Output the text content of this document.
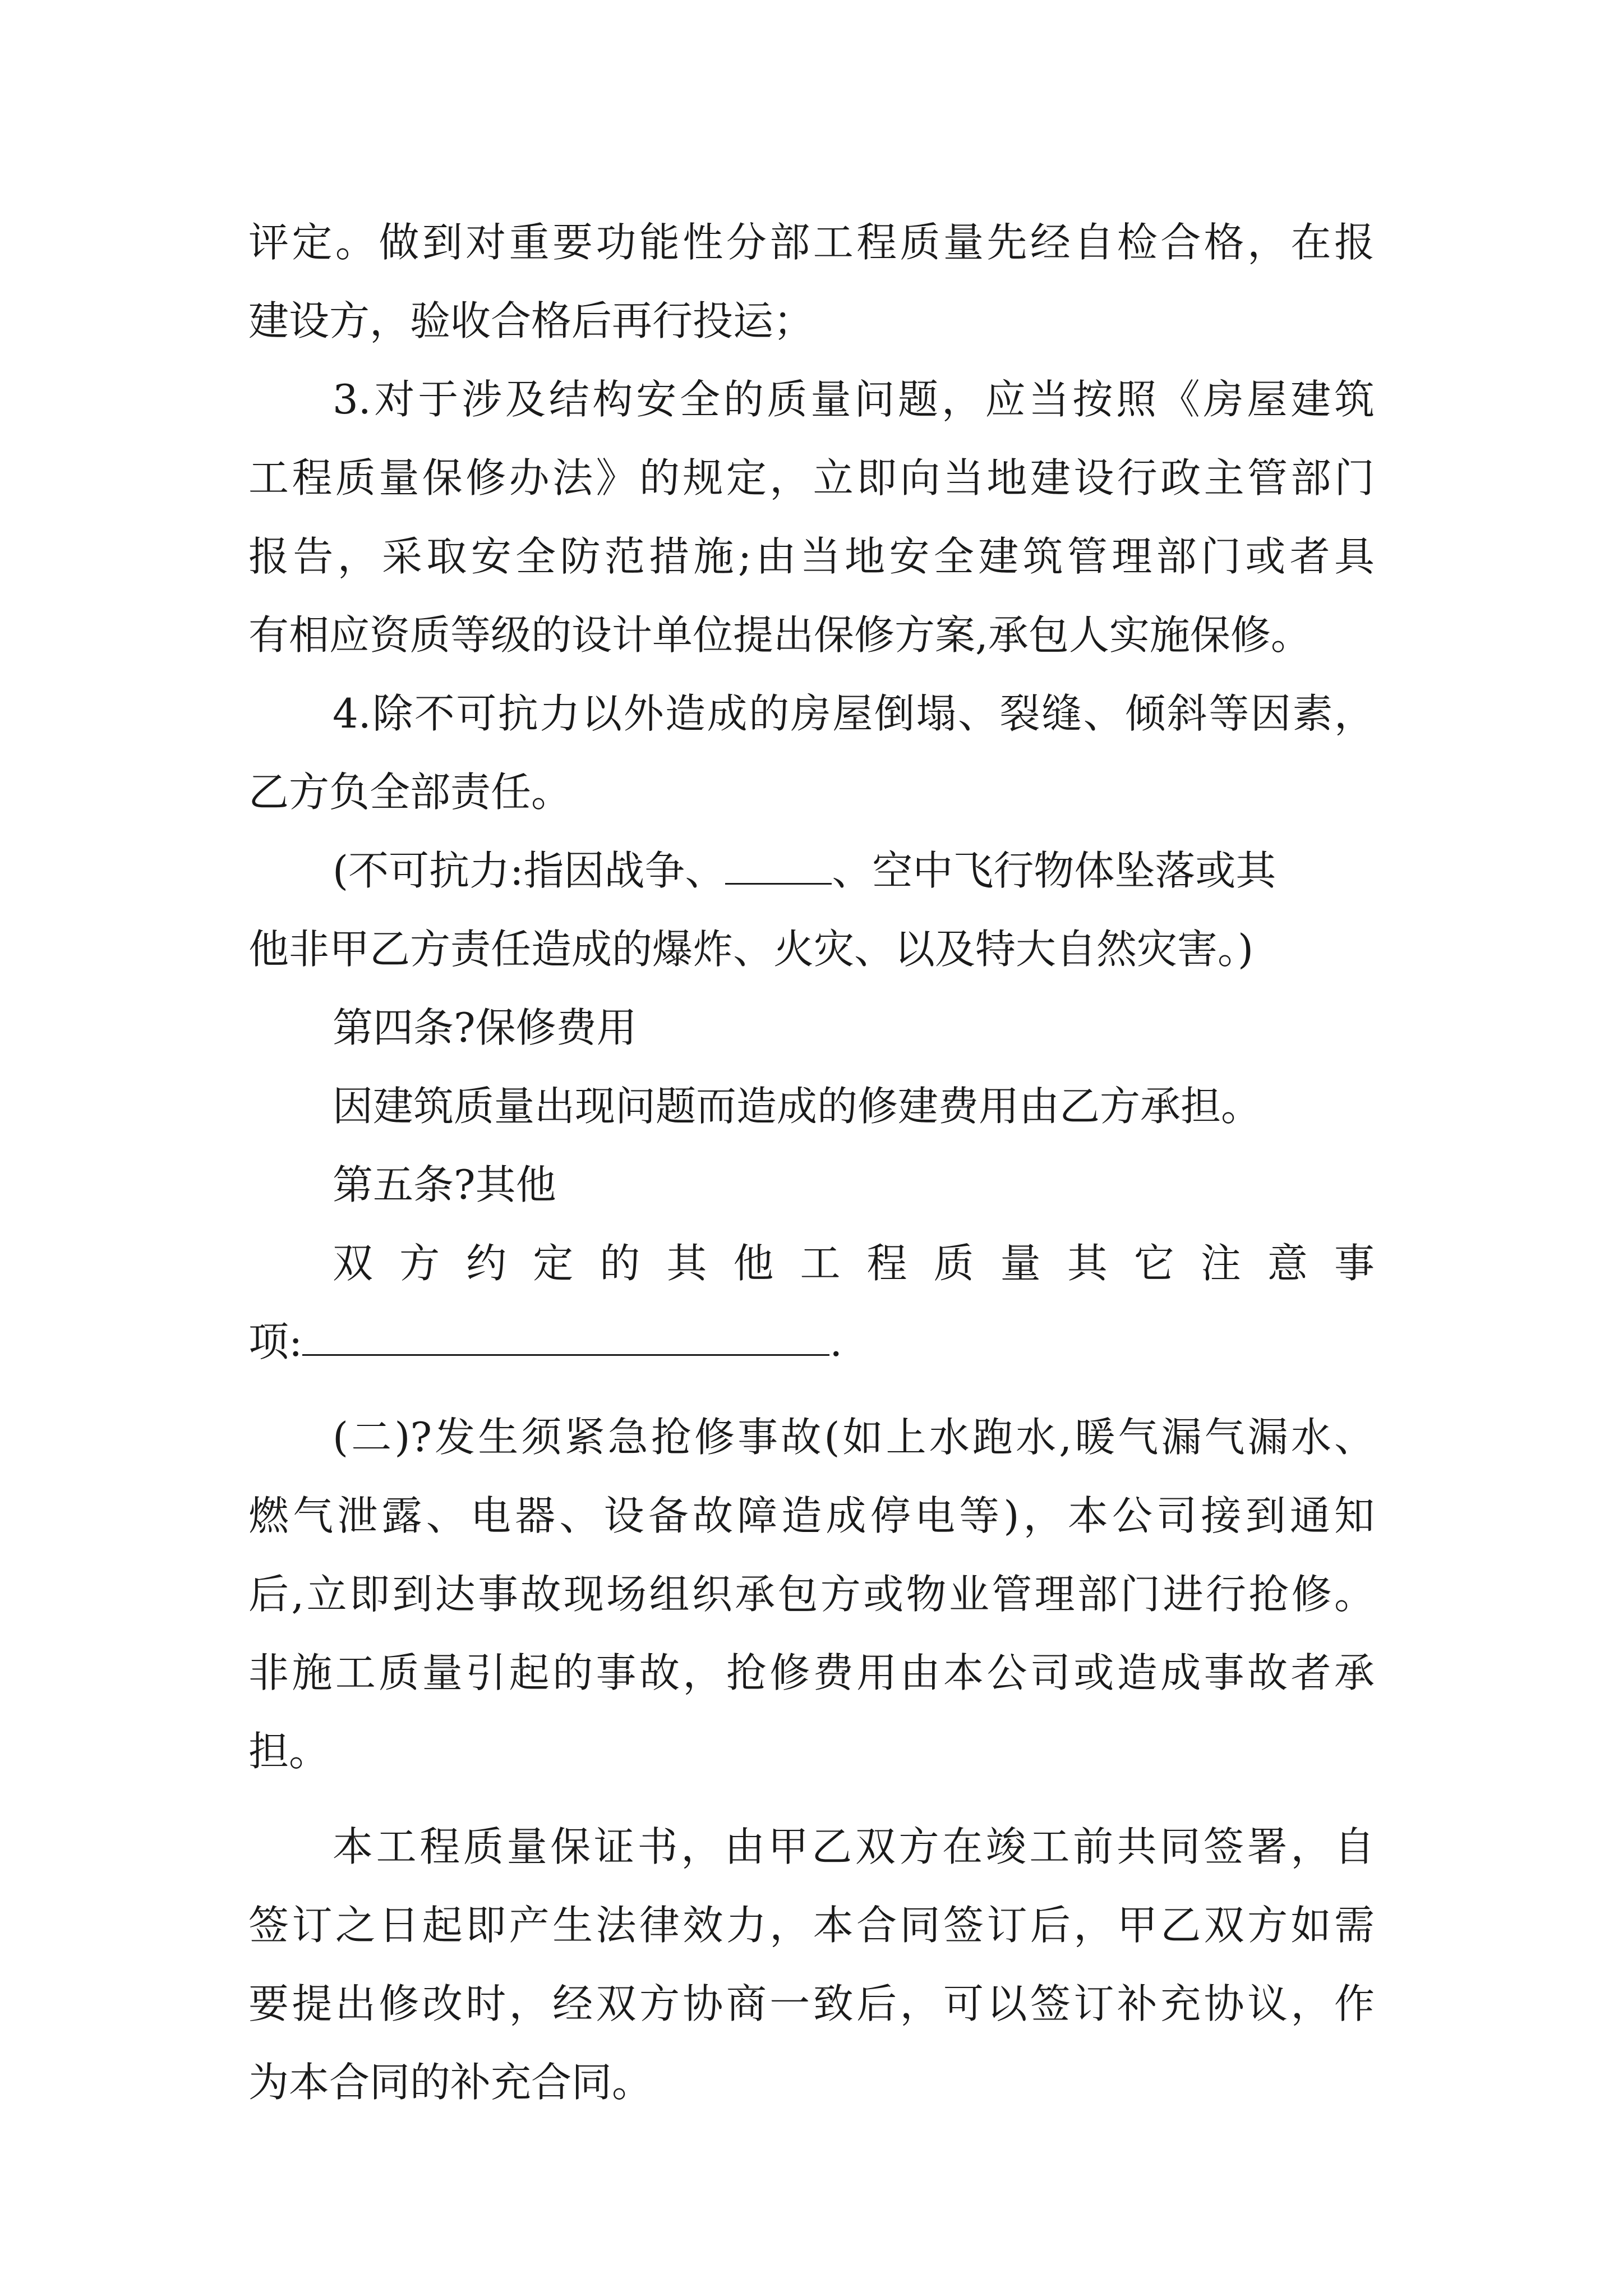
评定。做到对重要功能性分部工程质量先经自检合格，在报
建设方，验收合格后再行投运；
3.对于涉及结构安全的质量问题，应当按照《房屋建筑
工程质量保修办法》的规定，立即向当地建设行政主管部门
报告，采取安全防范措施;由当地安全建筑管理部门或者具
有相应资质等级的设计单位提出保修方案,承包人实施保修。
4.除不可抗力以外造成的房屋倒塌、裂缝、倾斜等因素，
乙方负全部责任。
(不可抗力:指因战争、	、空中飞行物体坠落或其
他非甲乙方责任造成的爆炸、火灾、以及特大自然灾害。)
第四条?保修费用
因建筑质量出现问题而造成的修建费用由乙方承担。
第五条?其他
双方约定的其他工程质量其它注意事
项:	.
(二)?发生须紧急抢修事故(如上水跑水,暖气漏气漏水、
燃气泄露、电器、设备故障造成停电等)，本公司接到通知
后,立即到达事故现场组织承包方或物业管理部门进行抢修。
非施工质量引起的事故，抢修费用由本公司或造成事故者承
担。
本工程质量保证书，由甲乙双方在竣工前共同签署，自
签订之日起即产生法律效力，本合同签订后，甲乙双方如需
要提出修改时，经双方协商一致后，可以签订补充协议，作
为本合同的补充合同。
